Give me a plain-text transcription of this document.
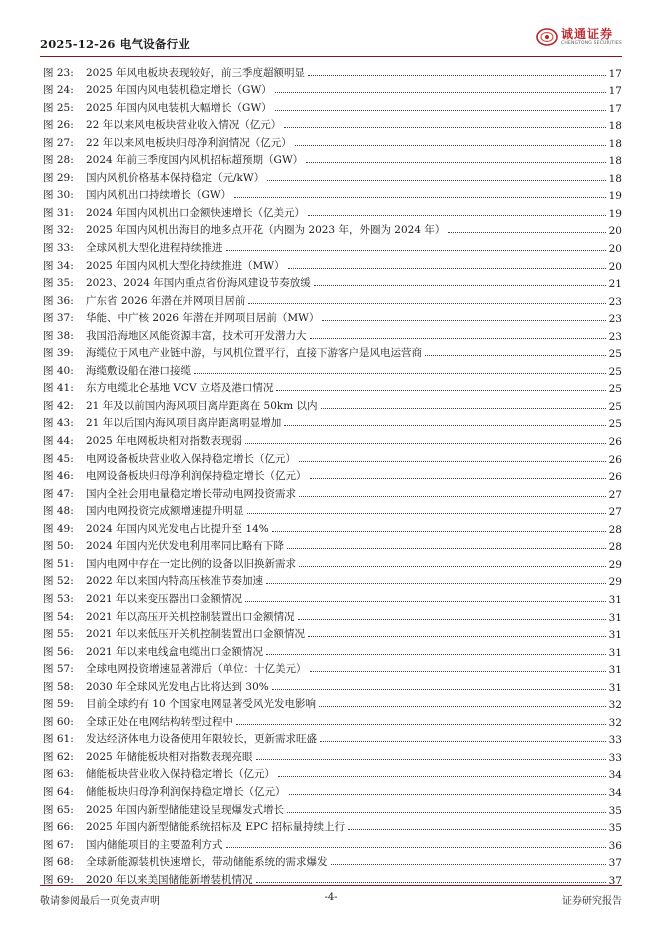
2025-12-26 电气设备行业
诚通证券
CHENGTONG SECURITIES
图 23:	2025 年风电板块表现较好，前三季度超额明显	17
图 24:	2025 年国内风电装机稳定增长（GW）	17
图 25:	2025 年国内风电装机大幅增长（GW）	17
图 26:	22 年以来风电板块营业收入情况（亿元）	18
图 27:	22 年以来风电板块归母净利润情况（亿元）	18
图 28:	2024 年前三季度国内风机招标超预期（GW）	18
图 29:	国内风机价格基本保持稳定（元/kW）	18
图 30:	国内风机出口持续增长（GW）	19
图 31:	2024 年国内风机出口金额快速增长（亿美元）	19
图 32:	2025 年国内风机出海目的地多点开花（内圈为 2023 年，外圈为 2024 年）	20
图 33:	全球风机大型化进程持续推进	20
图 34:	2025 年国内风机大型化持续推进（MW）	20
图 35:	2023、2024 年国内重点省份海风建设节奏放缓	21
图 36:	广东省 2026 年潜在并网项目居前	23
图 37:	华能、中广核 2026 年潜在并网项目居前（MW）	23
图 38:	我国沿海地区风能资源丰富，技术可开发潜力大	23
图 39:	海缆位于风电产业链中游，与风机位置平行，直接下游客户是风电运营商	25
图 40:	海缆敷设船在港口接缆	25
图 41:	东方电缆北仑基地 VCV 立塔及港口情况	25
图 42:	21 年及以前国内海风项目离岸距离在 50km 以内	25
图 43:	21 年以后国内海风项目离岸距离明显增加	25
图 44:	2025 年电网板块相对指数表现弱	26
图 45:	电网设备板块营业收入保持稳定增长（亿元）	26
图 46:	电网设备板块归母净利润保持稳定增长（亿元）	26
图 47:	国内全社会用电量稳定增长带动电网投资需求	27
图 48:	国内电网投资完成额增速提升明显	27
图 49:	2024 年国内风光发电占比提升至 14%	28
图 50:	2024 年国内光伏发电利用率同比略有下降	28
图 51:	国内电网中存在一定比例的设备以旧换新需求	29
图 52:	2022 年以来国内特高压核准节奏加速	29
图 53:	2021 年以来变压器出口金额情况	31
图 54:	2021 年以高压开关机控制装置出口金额情况	31
图 55:	2021 年以来低压开关机控制装置出口金额情况	31
图 56:	2021 年以来电线盒电缆出口金额情况	31
图 57:	全球电网投资增速显著滞后（单位：十亿美元）	31
图 58:	2030 年全球风光发电占比将达到 30%	31
图 59:	目前全球约有 10 个国家电网显著受风光发电影响	32
图 60:	全球正处在电网结构转型过程中	32
图 61:	发达经济体电力设备使用年限较长，更新需求旺盛	33
图 62:	2025 年储能板块相对指数表现亮眼	33
图 63:	储能板块营业收入保持稳定增长（亿元）	34
图 64:	储能板块归母净利润保持稳定增长（亿元）	34
图 65:	2025 年国内新型储能建设呈现爆发式增长	35
图 66:	2025 年国内新型储能系统招标及 EPC 招标量持续上行	35
图 67:	国内储能项目的主要盈利方式	36
图 68:	全球新能源装机快速增长，带动储能系统的需求爆发	37
图 69:	2020 年以来美国储能新增装机情况	37
敬请参阅最后一页免责声明	-4-	证券研究报告
